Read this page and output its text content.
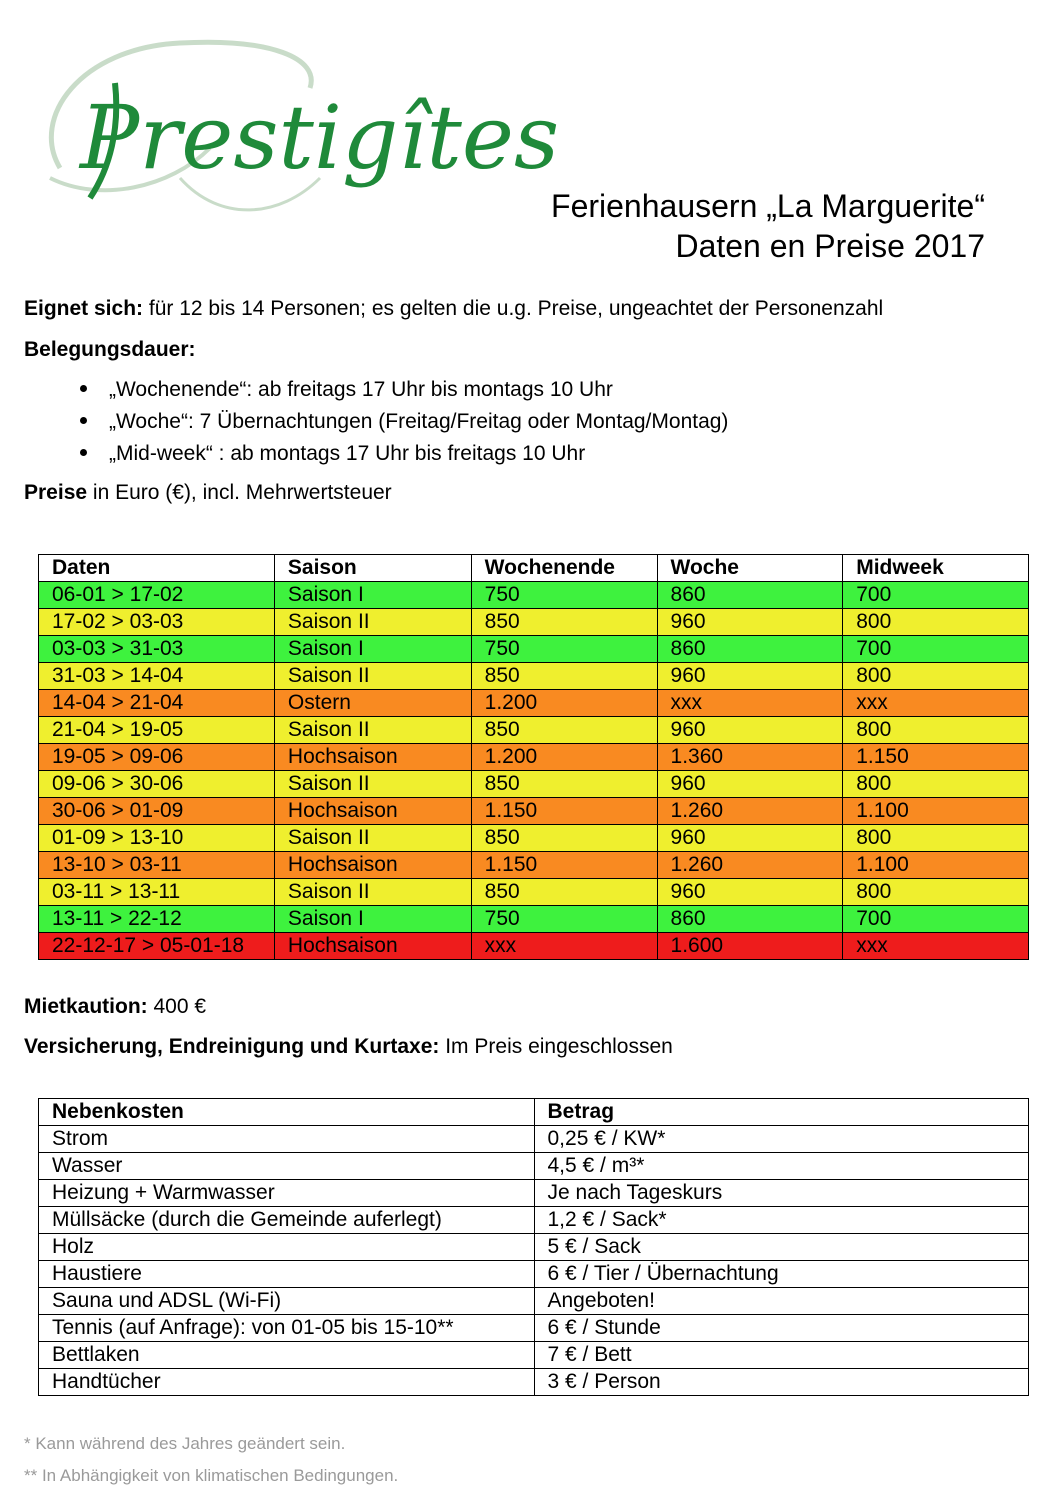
Prestigîtes
Ferienhausern „La Marguerite“
Daten en Preise 2017
Eignet sich: für 12 bis 14 Personen; es gelten die u.g. Preise, ungeachtet der Personenzahl
Belegungsdauer:
„Wochenende“: ab freitags 17 Uhr bis montags 10 Uhr
„Woche“: 7 Übernachtungen (Freitag/Freitag oder Montag/Montag)
„Mid-week“ : ab montags 17 Uhr bis freitags 10 Uhr
Preise in Euro (€), incl. Mehrwertsteuer
Daten	Saison	Wochenende	Woche	Midweek
06-01 > 17-02	Saison I	750	860	700
17-02 > 03-03	Saison II	850	960	800
03-03 > 31-03	Saison I	750	860	700
31-03 > 14-04	Saison II	850	960	800
14-04 > 21-04	Ostern	1.200	xxx	xxx
21-04 > 19-05	Saison II	850	960	800
19-05 > 09-06	Hochsaison	1.200	1.360	1.150
09-06 > 30-06	Saison II	850	960	800
30-06 > 01-09	Hochsaison	1.150	1.260	1.100
01-09 > 13-10	Saison II	850	960	800
13-10 > 03-11	Hochsaison	1.150	1.260	1.100
03-11 > 13-11	Saison II	850	960	800
13-11 > 22-12	Saison I	750	860	700
22-12-17 > 05-01-18	Hochsaison	xxx	1.600	xxx
Mietkaution: 400 €
Versicherung, Endreinigung und Kurtaxe: Im Preis eingeschlossen
Nebenkosten	Betrag
Strom	0,25 € / KW*
Wasser	4,5 € / m³*
Heizung + Warmwasser	Je nach Tageskurs
Müllsäcke (durch die Gemeinde auferlegt)	1,2 € / Sack*
Holz	5 € / Sack
Haustiere	6 € / Tier / Übernachtung
Sauna und ADSL (Wi-Fi)	Angeboten!
Tennis (auf Anfrage): von 01-05 bis 15-10**	6 € / Stunde
Bettlaken	7 € / Bett
Handtücher	3 € / Person
* Kann während des Jahres geändert sein.
** In Abhängigkeit von klimatischen Bedingungen.
